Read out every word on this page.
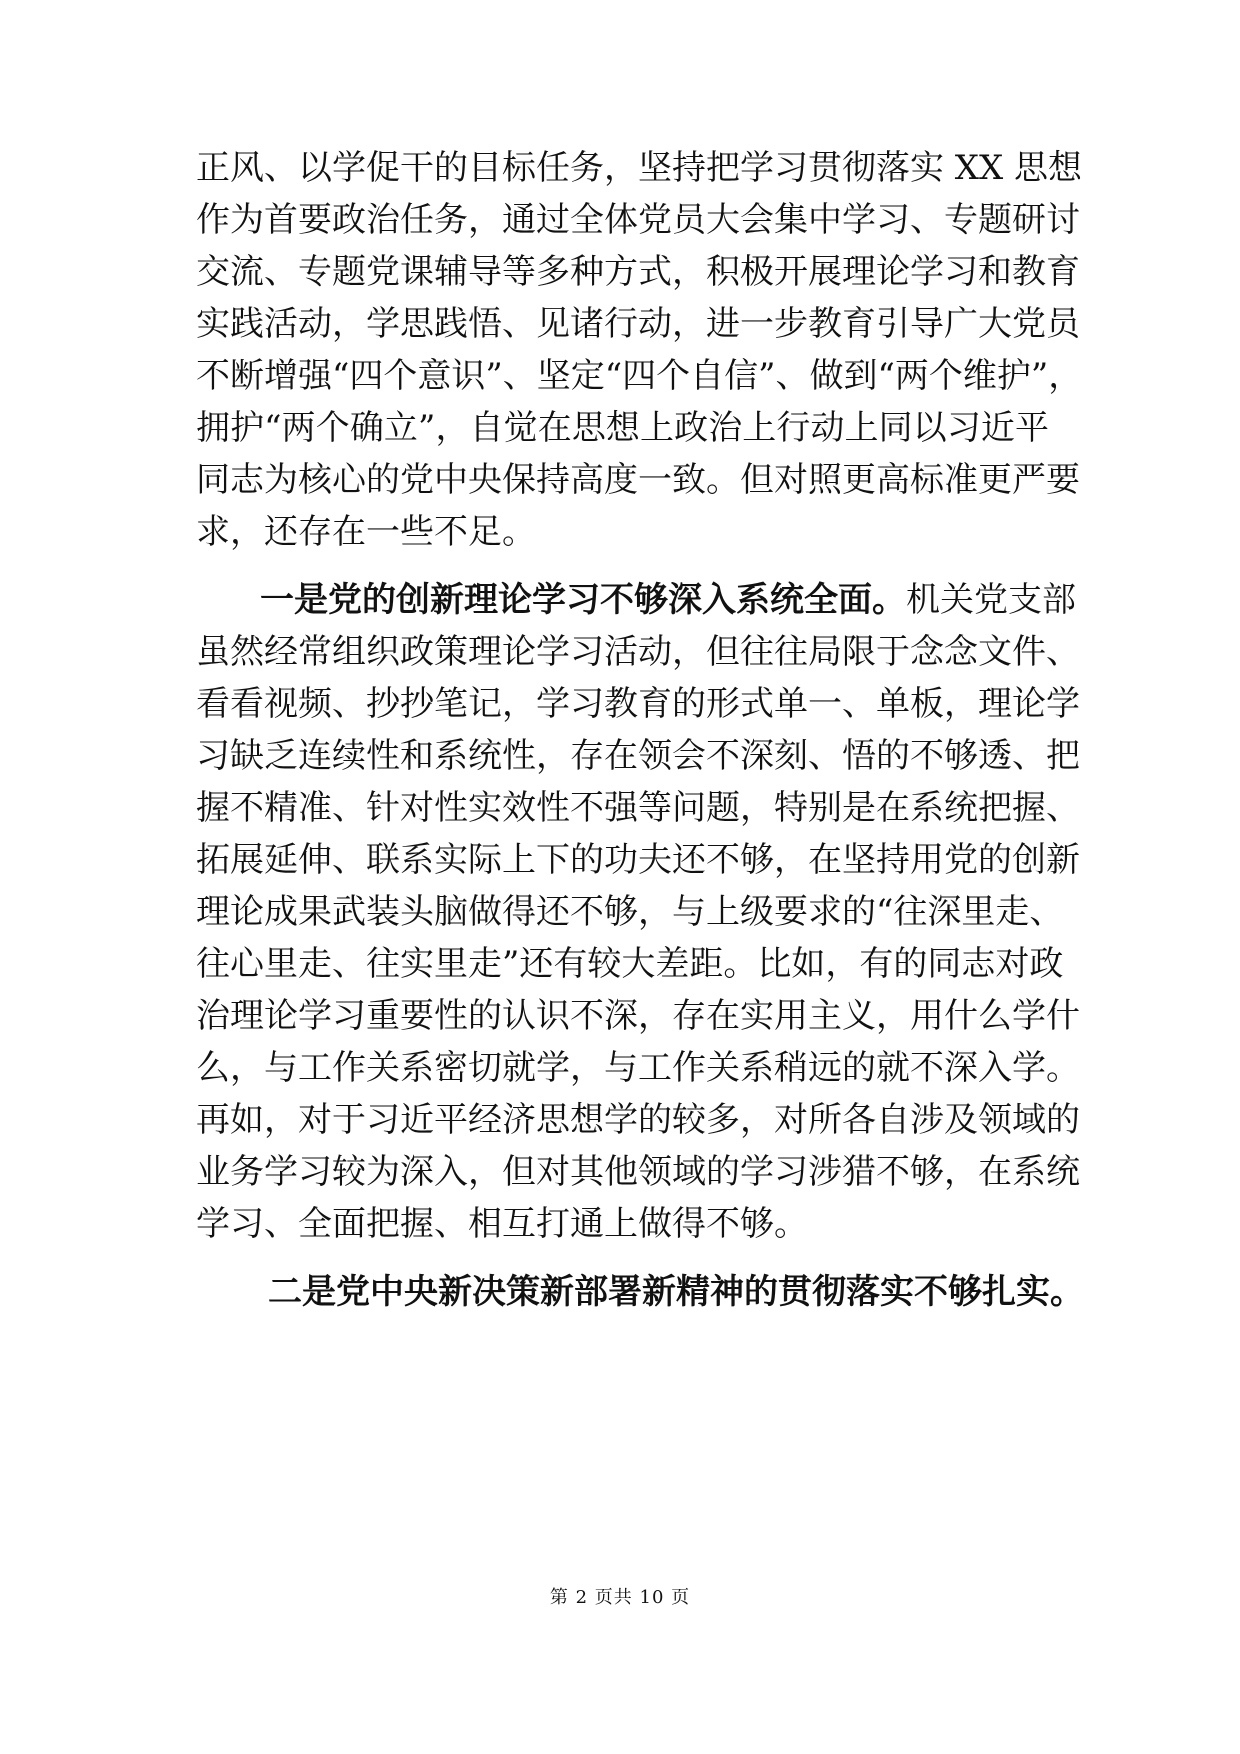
正风、以学促干的目标任务，坚持把学习贯彻落实 XX 思想
作为首要政治任务，通过全体党员大会集中学习、专题研讨
交流、专题党课辅导等多种方式，积极开展理论学习和教育
实践活动，学思践悟、见诸行动，进一步教育引导广大党员
不断增强“四个意识”、坚定“四个自信”、做到“两个维护”，
拥护“两个确立”，自觉在思想上政治上行动上同以习近平
同志为核心的党中央保持高度一致。但对照更高标准更严要
求，还存在一些不足。
一是党的创新理论学习不够深入系统全面。 机关党支部
虽然经常组织政策理论学习活动，但往往局限于念念文件、
看看视频、抄抄笔记，学习教育的形式单一、单板，理论学
习缺乏连续性和系统性，存在领会不深刻、悟的不够透、把
握不精准、针对性实效性不强等问题，特别是在系统把握、
拓展延伸、联系实际上下的功夫还不够，在坚持用党的创新
理论成果武装头脑做得还不够，与上级要求的“往深里走、
往心里走、往实里走”还有较大差距。比如，有的同志对政
治理论学习重要性的认识不深，存在实用主义，用什么学什
么，与工作关系密切就学，与工作关系稍远的就不深入学。
再如，对于习近平经济思想学的较多，对所各自涉及领域的
业务学习较为深入，但对其他领域的学习涉猎不够，在系统
学习、全面把握、相互打通上做得不够。
二是党中央新决策新部署新精神的贯彻落实不够扎实。
第 2 页共 10 页
